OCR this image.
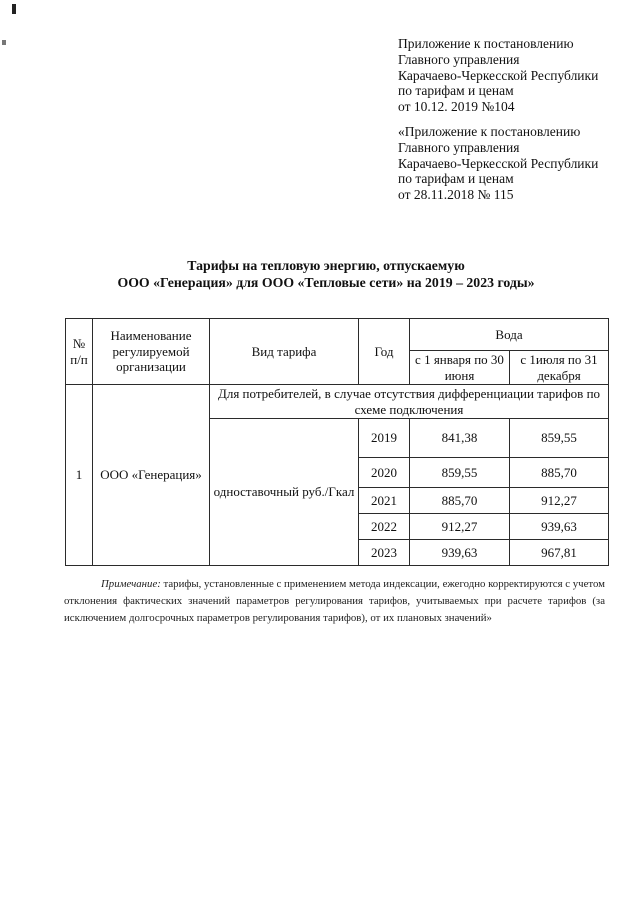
Приложение к постановлению
Главного управления
Карачаево-Черкесской Республики
по тарифам и ценам
от 10.12. 2019 №104
«Приложение к постановлению
Главного управления
Карачаево-Черкесской Республики
по тарифам и ценам
от 28.11.2018 № 115
Тарифы на тепловую энергию, отпускаемую
ООО «Генерация» для ООО «Тепловые сети» на 2019 – 2023 годы»
№ п/п	Наименование регулируемой организации	Вид тарифа	Год	Вода	
				с 1 января по 30 июня	с 1июля по 31 декабря
1	ООО «Генерация»	Для потребителей, в случае отсутствия дифференциации тарифов по схеме подключения			
		одноставочный руб./Гкал	2019	841,38	859,55
			2020	859,55	885,70
			2021	885,70	912,27
			2022	912,27	939,63
			2023	939,63	967,81
Примечание: тарифы, установленные с применением метода индексации, ежегодно корректируются с учетом отклонения фактических значений параметров регулирования тарифов, учитываемых при расчете тарифов (за исключением долгосрочных параметров регулирования тарифов), от их плановых значений»
